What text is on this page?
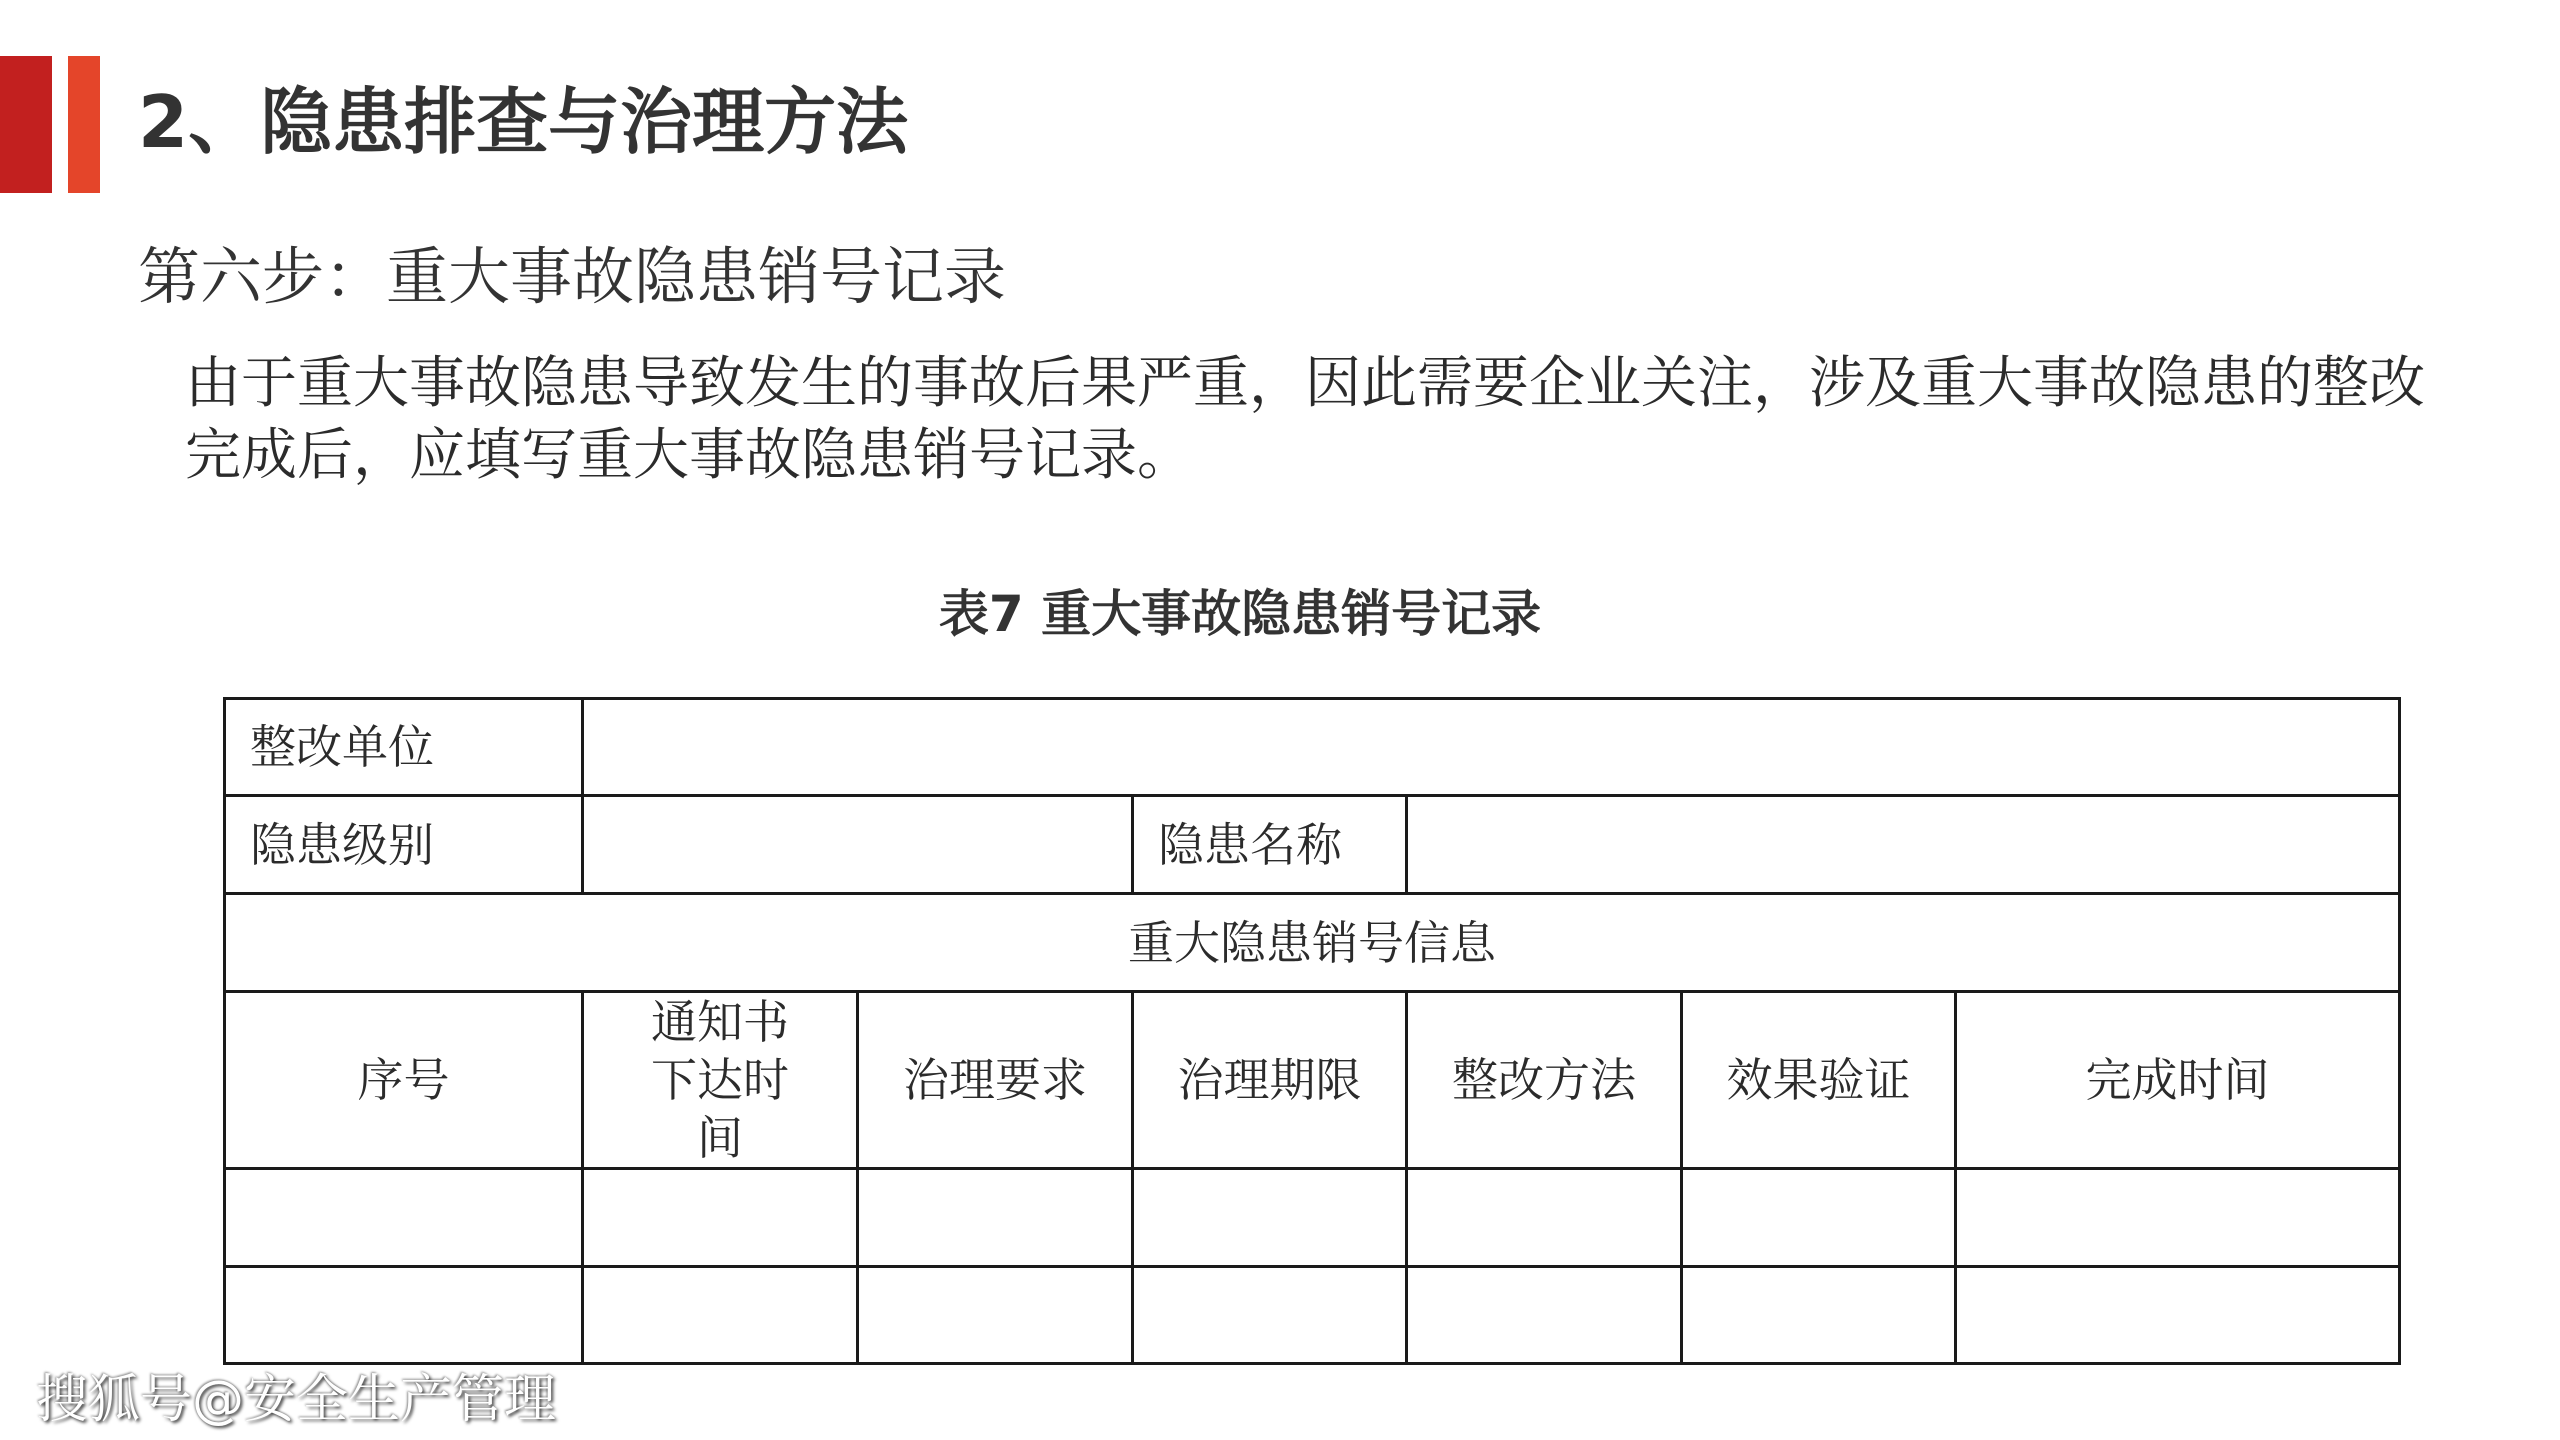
2、隐患排查与治理方法
第六步：重大事故隐患销号记录
由于重大事故隐患导致发生的事故后果严重，因此需要企业关注，涉及重大事故隐患的整改完成后，应填写重大事故隐患销号记录。
表7 重大事故隐患销号记录
整改单位						
隐患级别			隐患名称			
重大隐患销号信息						
序号	通知书下达时间	治理要求	治理期限	整改方法	效果验证	完成时间

搜狐号@安全生产管理
